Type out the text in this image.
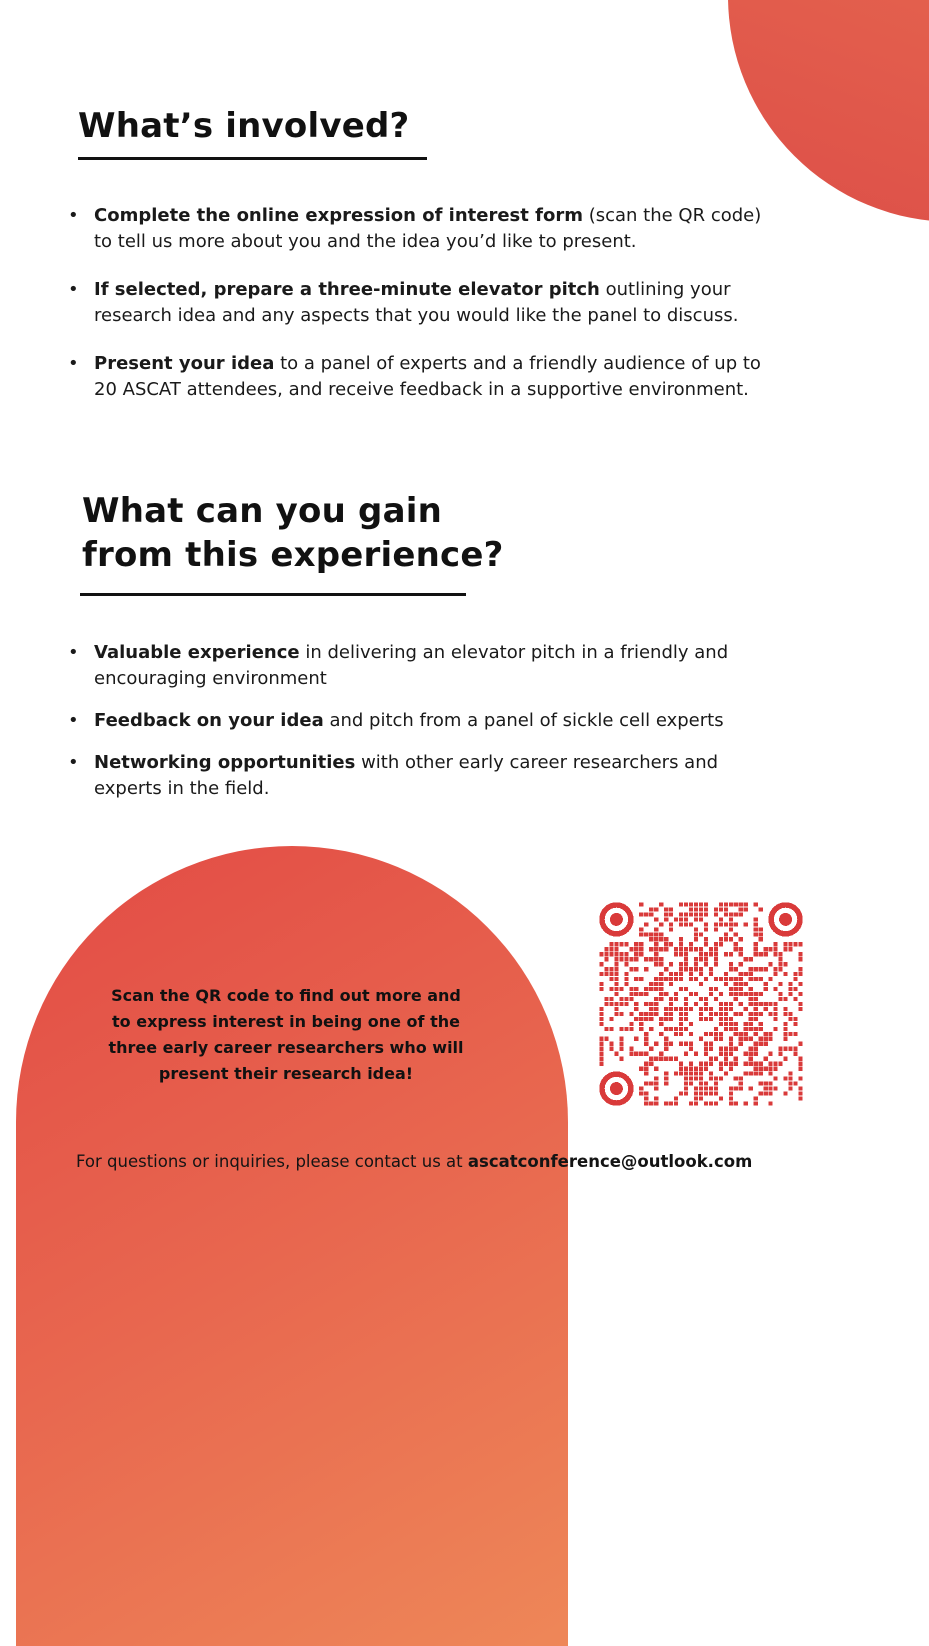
What’s involved?
• Complete the online expression of interest form (scan the QR code)
to tell us more about you and the idea you’d like to present.
• If selected, prepare a three-minute elevator pitch outlining your
research idea and any aspects that you would like the panel to discuss.
• Present your idea to a panel of experts and a friendly audience of up to
20 ASCAT attendees, and receive feedback in a supportive environment.
What can you gain
from this experience?
• Valuable experience in delivering an elevator pitch in a friendly and
encouraging environment
• Feedback on your idea and pitch from a panel of sickle cell experts
• Networking opportunities with other early career researchers and
experts in the field.

Scan the QR code to find out more and
to express interest in being one of the
three early career researchers who will
present their research idea!

For questions or inquiries, please contact us at ascatconference@outlook.com
